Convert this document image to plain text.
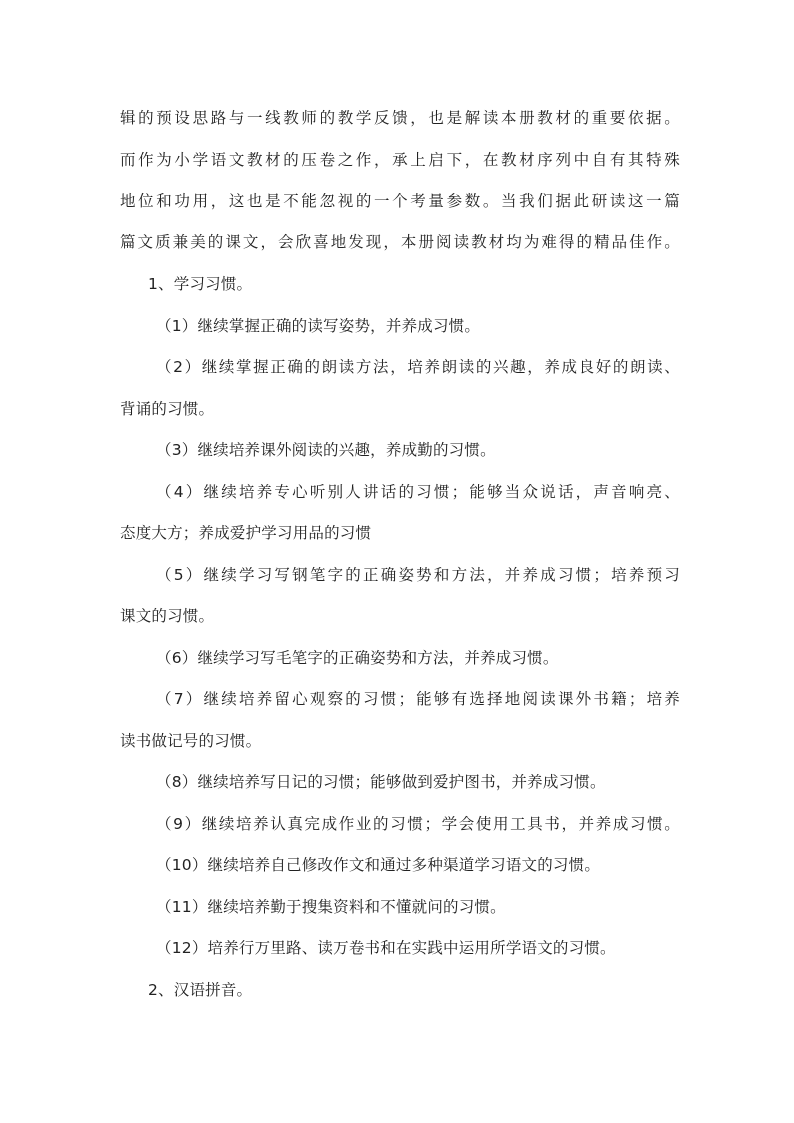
辑的预设思路与一线教师的教学反馈，也是解读本册教材的重要依据。
而作为小学语文教材的压卷之作，承上启下，在教材序列中自有其特殊
地位和功用，这也是不能忽视的一个考量参数。当我们据此研读这一篇
篇文质兼美的课文，会欣喜地发现，本册阅读教材均为难得的精品佳作。
1、学习习惯。
（1）继续掌握正确的读写姿势，并养成习惯。
（2）继续掌握正确的朗读方法，培养朗读的兴趣，养成良好的朗读、
背诵的习惯。
（3）继续培养课外阅读的兴趣，养成勤的习惯。
（4）继续培养专心听别人讲话的习惯；能够当众说话，声音响亮、
态度大方；养成爱护学习用品的习惯
（5）继续学习写钢笔字的正确姿势和方法，并养成习惯；培养预习
课文的习惯。
（6）继续学习写毛笔字的正确姿势和方法，并养成习惯。
（7）继续培养留心观察的习惯；能够有选择地阅读课外书籍；培养
读书做记号的习惯。
（8）继续培养写日记的习惯；能够做到爱护图书，并养成习惯。
（9）继续培养认真完成作业的习惯；学会使用工具书，并养成习惯。
（10）继续培养自己修改作文和通过多种渠道学习语文的习惯。
（11）继续培养勤于搜集资料和不懂就问的习惯。
（12）培养行万里路、读万卷书和在实践中运用所学语文的习惯。
2、汉语拼音。
